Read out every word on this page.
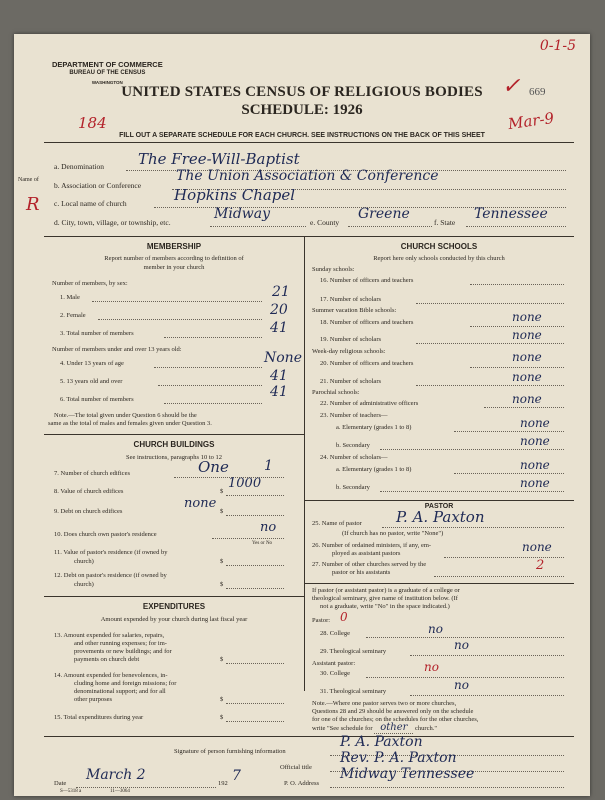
DEPARTMENT OF COMMERCE
BUREAU OF THE CENSUS
WASHINGTON
0-1-5
✓ 669
UNITED STATES CENSUS OF RELIGIOUS BODIES
SCHEDULE: 1926
184	Mar-9
FILL OUT A SEPARATE SCHEDULE FOR EACH CHURCH. SEE INSTRUCTIONS ON THE BACK OF THIS SHEET
a. Denomination The Free-Will-Baptist
Name of
R
b. Association or Conference
The Union Association & Conference
c. Local name of church	Hopkins Chapel
d. City, town, village, or township, etc.
Midway
e. County
Greene
f. State
Tennessee
MEMBERSHIP
Report number of members according to definition of
member in your church
Number of members, by sex:
1. Male	21
2. Female	20
3. Total number of members	41
Number of members under and over 13 years old:
4. Under 13 years of age	None
5. 13 years old and over	41
6. Total number of members	41
Note.—The total given under Question 6 should be the
same as the total of males and females given under Question 3.
CHURCH BUILDINGS
See instructions, paragraphs 10 to 12
7. Number of church edifices	One	1
8. Value of church edifices	$
1000
9. Debt on church edifices	$
none
10. Does church own pastor's residence	no
Yes or No
11. Value of pastor's residence (if owned by
church)	$
12. Debt on pastor's residence (if owned by
church)	$
EXPENDITURES
Amount expended by your church during last fiscal year
13. Amount expended for salaries, repairs,
and other running expenses; for im-
provements or new buildings; and for
payments on church debt	$
14. Amount expended for benevolences, in-
cluding home and foreign missions; for
denominational support; and for all
other purposes	$
15. Total expenditures during year	$
CHURCH SCHOOLS
Report here only schools conducted by this church
Sunday schools:
16. Number of officers and teachers
17. Number of scholars
Summer vacation Bible schools:
18. Number of officers and teachers	none
19. Number of scholars	none
Week-day religious schools:
20. Number of officers and teachers	none
21. Number of scholars	none
Parochial schools:
22. Number of administrative officers	none
23. Number of teachers—
a. Elementary (grades 1 to 8)	none
b. Secondary	none
24. Number of scholars—
a. Elementary (grades 1 to 8)	none
b. Secondary	none
PASTOR
25. Name of pastor P. A. Paxton
(If church has no pastor, write "None")
26. Number of ordained ministers, if any, em-
ployed as assistant pastors	none
27. Number of other churches served by the
pastor or his assistants	2
If pastor (or assistant pastor) is a graduate of a college or
theological seminary, give name of institution below. (If
not a graduate, write "No" in the space indicated.)
Pastor: 0
28. College	no
29. Theological seminary	no
Assistant pastor:
30. College	no
31. Theological seminary	no
Note.—Where one pastor serves two or more churches,
Questions 28 and 29 should be answered only on the schedule
for one of the churches; on the schedules for the other churches,
write "See schedule for other church."
Signature of person furnishing information
P. A. Paxton
Official title
Rev. P. A. Paxton
Date
March 2
192 7	P. O. Address
Midway Tennessee
S—5318 a	11—3064
